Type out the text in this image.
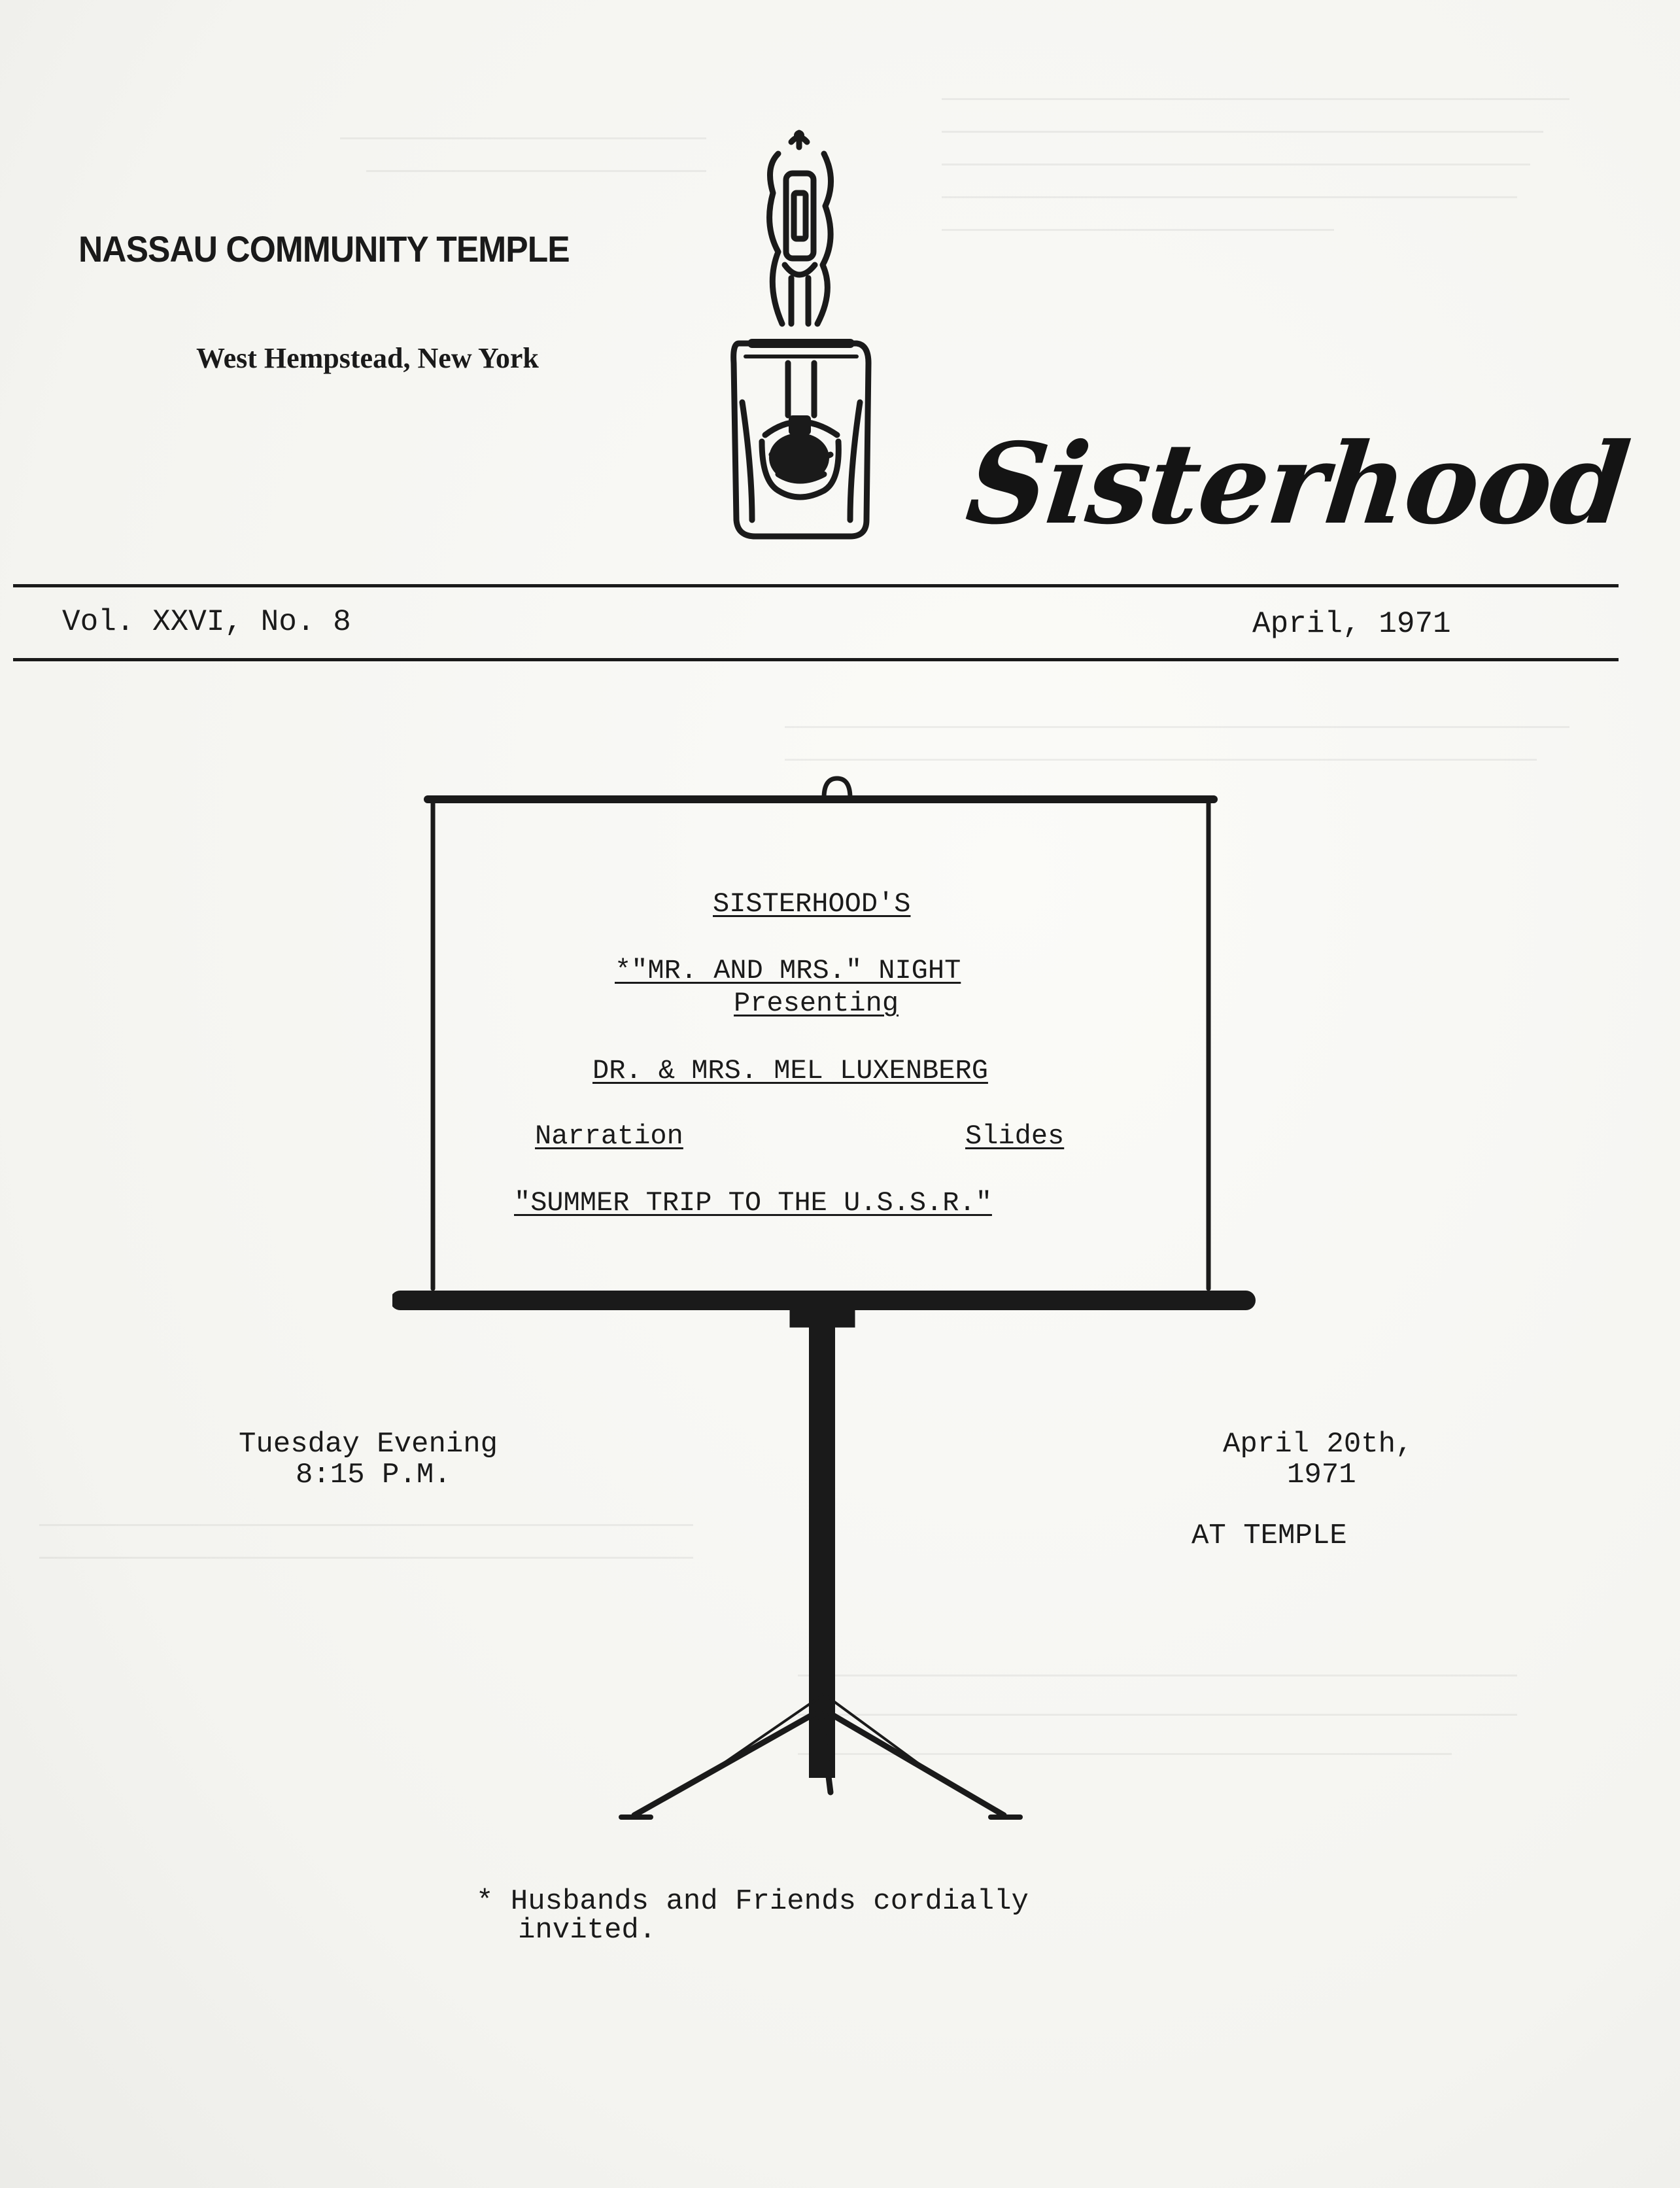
NASSAU COMMUNITY TEMPLE
West Hempstead, New York
Sisterhood
Vol. XXVI, No. 8	April, 1971
SISTERHOOD'S
*"MR. AND MRS." NIGHT
Presenting
DR. & MRS. MEL LUXENBERG
Narration	Slides
"SUMMER TRIP TO THE U.S.S.R."
Tuesday Evening
8:15 P.M.
April 20th,
1971
AT TEMPLE
* Husbands and Friends cordially
invited.
